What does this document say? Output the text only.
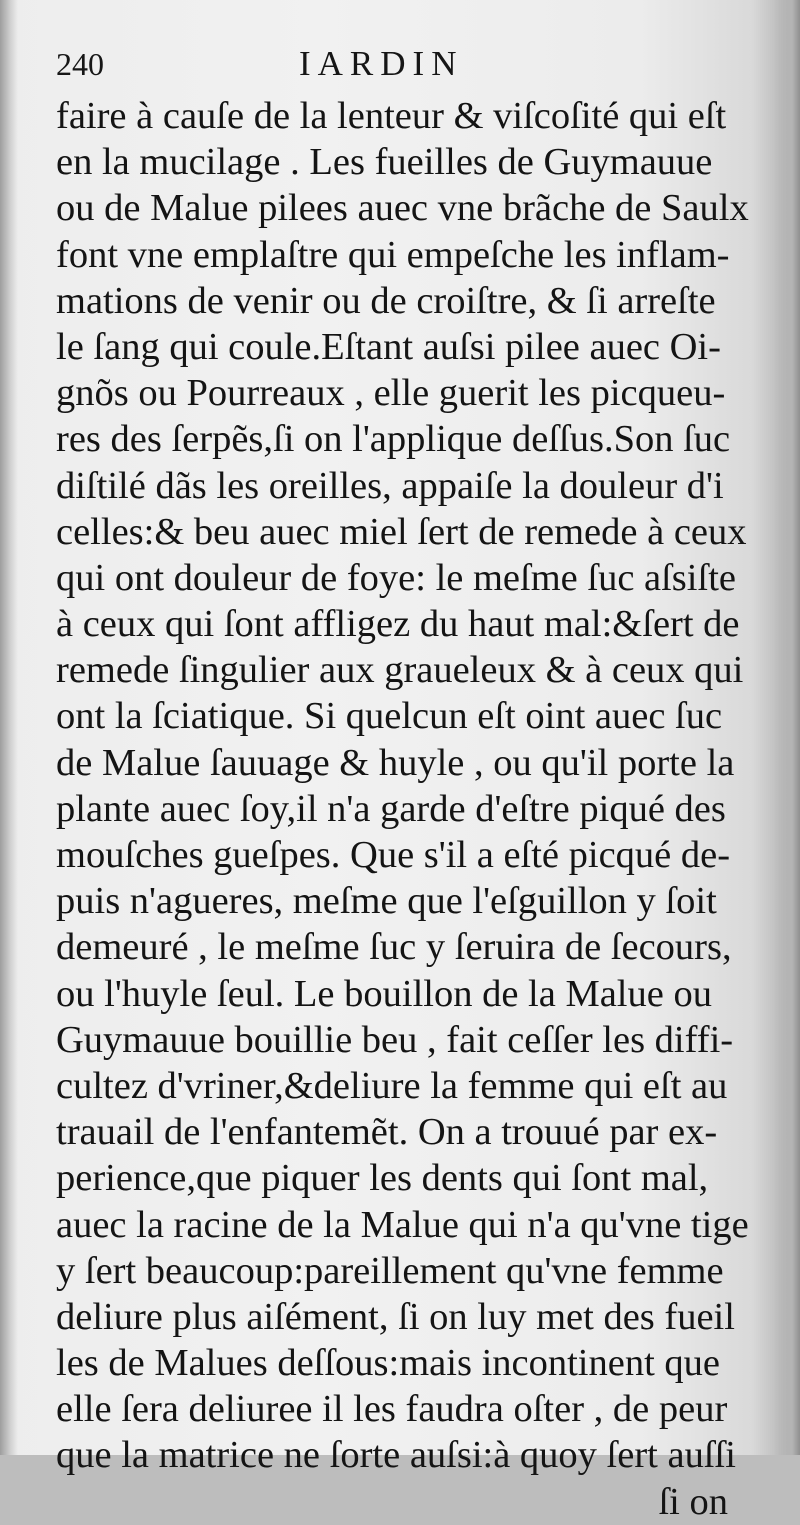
240	IARDIN
faire à cauſe de la lenteur & viſcoſité qui eſt
en la mucilage . Les fueilles de Guymauue
ou de Malue pilees auec vne brãche de Saulx
font vne emplaſtre qui empeſche les inflam-
mations de venir ou de croiſtre, & ſi arreſte
le ſang qui coule.Eſtant auſsi pilee auec Oi-
gnõs ou Pourreaux , elle guerit les picqueu-
res des ſerpẽs,ſi on l'applique deſſus.Son ſuc
diſtilé dãs les oreilles, appaiſe la douleur d'i
celles:& beu auec miel ſert de remede à ceux
qui ont douleur de foye: le meſme ſuc aſsiſte
à ceux qui ſont affligez du haut mal:&ſert de
remede ſingulier aux graueleux & à ceux qui
ont la ſciatique. Si quelcun eſt oint auec ſuc
de Malue ſauuage & huyle , ou qu'il porte la
plante auec ſoy,il n'a garde d'eſtre piqué des
mouſches gueſpes. Que s'il a eſté picqué de-
puis n'agueres, meſme que l'eſguillon y ſoit
demeuré , le meſme ſuc y ſeruira de ſecours,
ou l'huyle ſeul. Le bouillon de la Malue ou
Guymauue bouillie beu , fait ceſſer les diffi-
cultez d'vriner,&deliure la femme qui eſt au
trauail de l'enfantemẽt. On a trouué par ex-
perience,que piquer les dents qui ſont mal,
auec la racine de la Malue qui n'a qu'vne tige
y ſert beaucoup:pareillement qu'vne femme
deliure plus aiſément, ſi on luy met des fueil
les de Malues deſſous:mais incontinent que
elle ſera deliuree il les faudra oſter , de peur
que la matrice ne ſorte auſsi:à quoy ſert auſſi
ſi on
